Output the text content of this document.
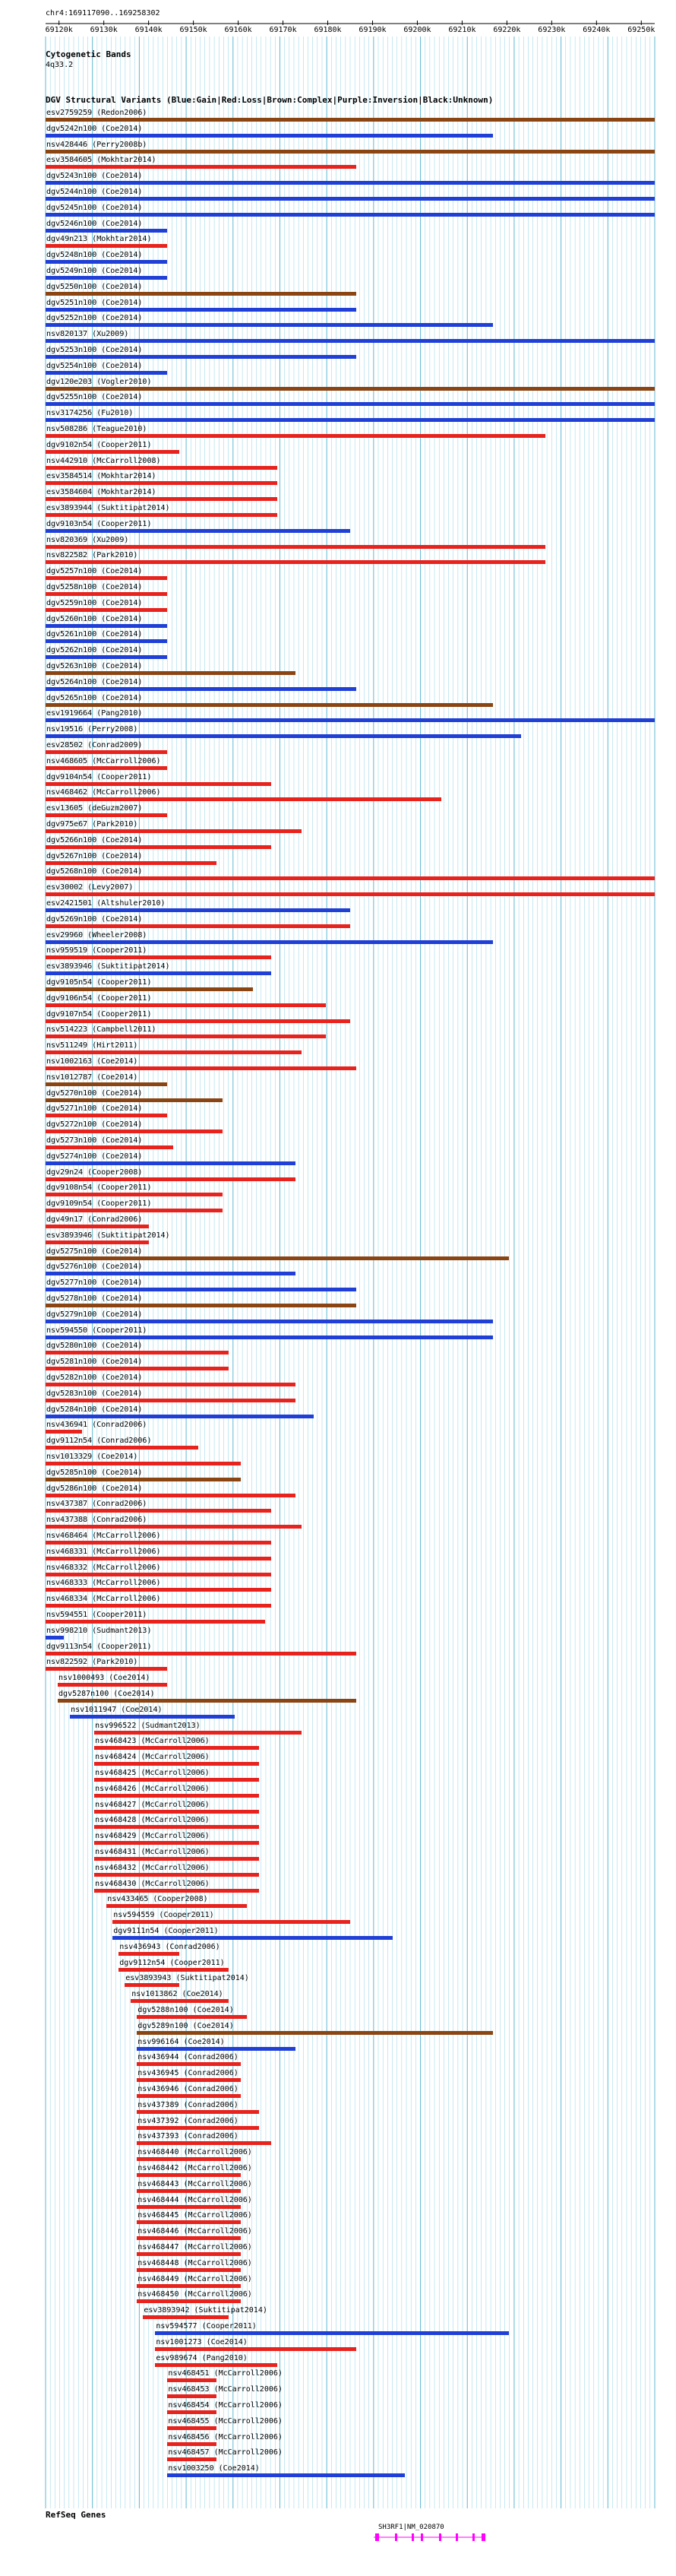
chr4:169117090..169258302
69120k 69130k 69140k 69150k 69160k 69170k 69180k 69190k 69200k 69210k 69220k 69230k 69240k 69250k
Cytogenetic Bands
4q33.2
DGV Structural Variants (Blue:Gain|Red:Loss|Brown:Complex|Purple:Inversion|Black:Unknown)
esv2759259 (Redon2006)
dgv5242n100 (Coe2014)
nsv428446 (Perry2008b)
esv3584605 (Mokhtar2014)
dgv5243n100 (Coe2014)
dgv5244n100 (Coe2014)
dgv5245n100 (Coe2014)
dgv5246n100 (Coe2014)
dgv49n213 (Mokhtar2014)
dgv5248n100 (Coe2014)
dgv5249n100 (Coe2014)
dgv5250n100 (Coe2014)
dgv5251n100 (Coe2014)
dgv5252n100 (Coe2014)
nsv820137 (Xu2009)
dgv5253n100 (Coe2014)
dgv5254n100 (Coe2014)
dgv120e203 (Vogler2010)
dgv5255n100 (Coe2014)
nsv3174256 (Fu2010)
nsv508286 (Teague2010)
dgv9102n54 (Cooper2011)
nsv442910 (McCarroll2008)
esv3584514 (Mokhtar2014)
esv3584604 (Mokhtar2014)
esv3893944 (Suktitipat2014)
dgv9103n54 (Cooper2011)
nsv820369 (Xu2009)
nsv822582 (Park2010)
dgv5257n100 (Coe2014)
dgv5258n100 (Coe2014)
dgv5259n100 (Coe2014)
dgv5260n100 (Coe2014)
dgv5261n100 (Coe2014)
dgv5262n100 (Coe2014)
dgv5263n100 (Coe2014)
dgv5264n100 (Coe2014)
dgv5265n100 (Coe2014)
esv1919664 (Pang2010)
nsv19516 (Perry2008)
esv28502 (Conrad2009)
nsv468605 (McCarroll2006)
dgv9104n54 (Cooper2011)
nsv468462 (McCarroll2006)
esv13605 (deGuzm2007)
dgv975e67 (Park2010)
dgv5266n100 (Coe2014)
dgv5267n100 (Coe2014)
dgv5268n100 (Coe2014)
esv30002 (Levy2007)
esv2421501 (Altshuler2010)
dgv5269n100 (Coe2014)
esv29960 (Wheeler2008)
nsv959519 (Cooper2011)
esv3893946 (Suktitipat2014)
dgv9105n54 (Cooper2011)
dgv9106n54 (Cooper2011)
dgv9107n54 (Cooper2011)
nsv514223 (Campbell2011)
nsv511249 (Hirt2011)
nsv1002163 (Coe2014)
nsv1012787 (Coe2014)
dgv5270n100 (Coe2014)
dgv5271n100 (Coe2014)
dgv5272n100 (Coe2014)
dgv5273n100 (Coe2014)
dgv5274n100 (Coe2014)
dgv29n24 (Cooper2008)
dgv9108n54 (Cooper2011)
dgv9109n54 (Cooper2011)
dgv49n17 (Conrad2006)
esv3893946 (Suktitipat2014)
dgv5275n100 (Coe2014)
dgv5276n100 (Coe2014)
dgv5277n100 (Coe2014)
dgv5278n100 (Coe2014)
dgv5279n100 (Coe2014)
nsv594550 (Cooper2011)
dgv5280n100 (Coe2014)
dgv5281n100 (Coe2014)
dgv5282n100 (Coe2014)
dgv5283n100 (Coe2014)
dgv5284n100 (Coe2014)
nsv436941 (Conrad2006)
dgv9112n54 (Conrad2006)
nsv1013329 (Coe2014)
dgv5285n100 (Coe2014)
dgv5286n100 (Coe2014)
nsv437387 (Conrad2006)
nsv437388 (Conrad2006)
nsv468464 (McCarroll2006)
nsv468331 (McCarroll2006)
nsv468332 (McCarroll2006)
nsv468333 (McCarroll2006)
nsv468334 (McCarroll2006)
nsv594551 (Cooper2011)
nsv998210 (Sudmant2013)
dgv9113n54 (Cooper2011)
nsv822592 (Park2010)
nsv1000493 (Coe2014)
dgv5287n100 (Coe2014)
nsv1011947 (Coe2014)
nsv996522 (Sudmant2013)
nsv468423 (McCarroll2006)
nsv468424 (McCarroll2006)
nsv468425 (McCarroll2006)
nsv468426 (McCarroll2006)
nsv468427 (McCarroll2006)
nsv468428 (McCarroll2006)
nsv468429 (McCarroll2006)
nsv468431 (McCarroll2006)
nsv468432 (McCarroll2006)
nsv468430 (McCarroll2006)
nsv433465 (Cooper2008)
nsv594559 (Cooper2011)
dgv9111n54 (Cooper2011)
nsv436943 (Conrad2006)
dgv9112n54 (Cooper2011)
esv3893943 (Suktitipat2014)
nsv1013862 (Coe2014)
dgv5288n100 (Coe2014)
dgv5289n100 (Coe2014)
nsv996164 (Coe2014)
nsv436944 (Conrad2006)
nsv436945 (Conrad2006)
nsv436946 (Conrad2006)
nsv437389 (Conrad2006)
nsv437392 (Conrad2006)
nsv437393 (Conrad2006)
nsv468440 (McCarroll2006)
nsv468442 (McCarroll2006)
nsv468443 (McCarroll2006)
nsv468444 (McCarroll2006)
nsv468445 (McCarroll2006)
nsv468446 (McCarroll2006)
nsv468447 (McCarroll2006)
nsv468448 (McCarroll2006)
nsv468449 (McCarroll2006)
nsv468450 (McCarroll2006)
esv3893942 (Suktitipat2014)
nsv594577 (Cooper2011)
nsv1001273 (Coe2014)
esv989674 (Pang2010)
nsv468451 (McCarroll2006)
nsv468453 (McCarroll2006)
nsv468454 (McCarroll2006)
nsv468455 (McCarroll2006)
nsv468456 (McCarroll2006)
nsv468457 (McCarroll2006)
nsv1003250 (Coe2014)
RefSeq Genes
SH3RF1|NM_020870
